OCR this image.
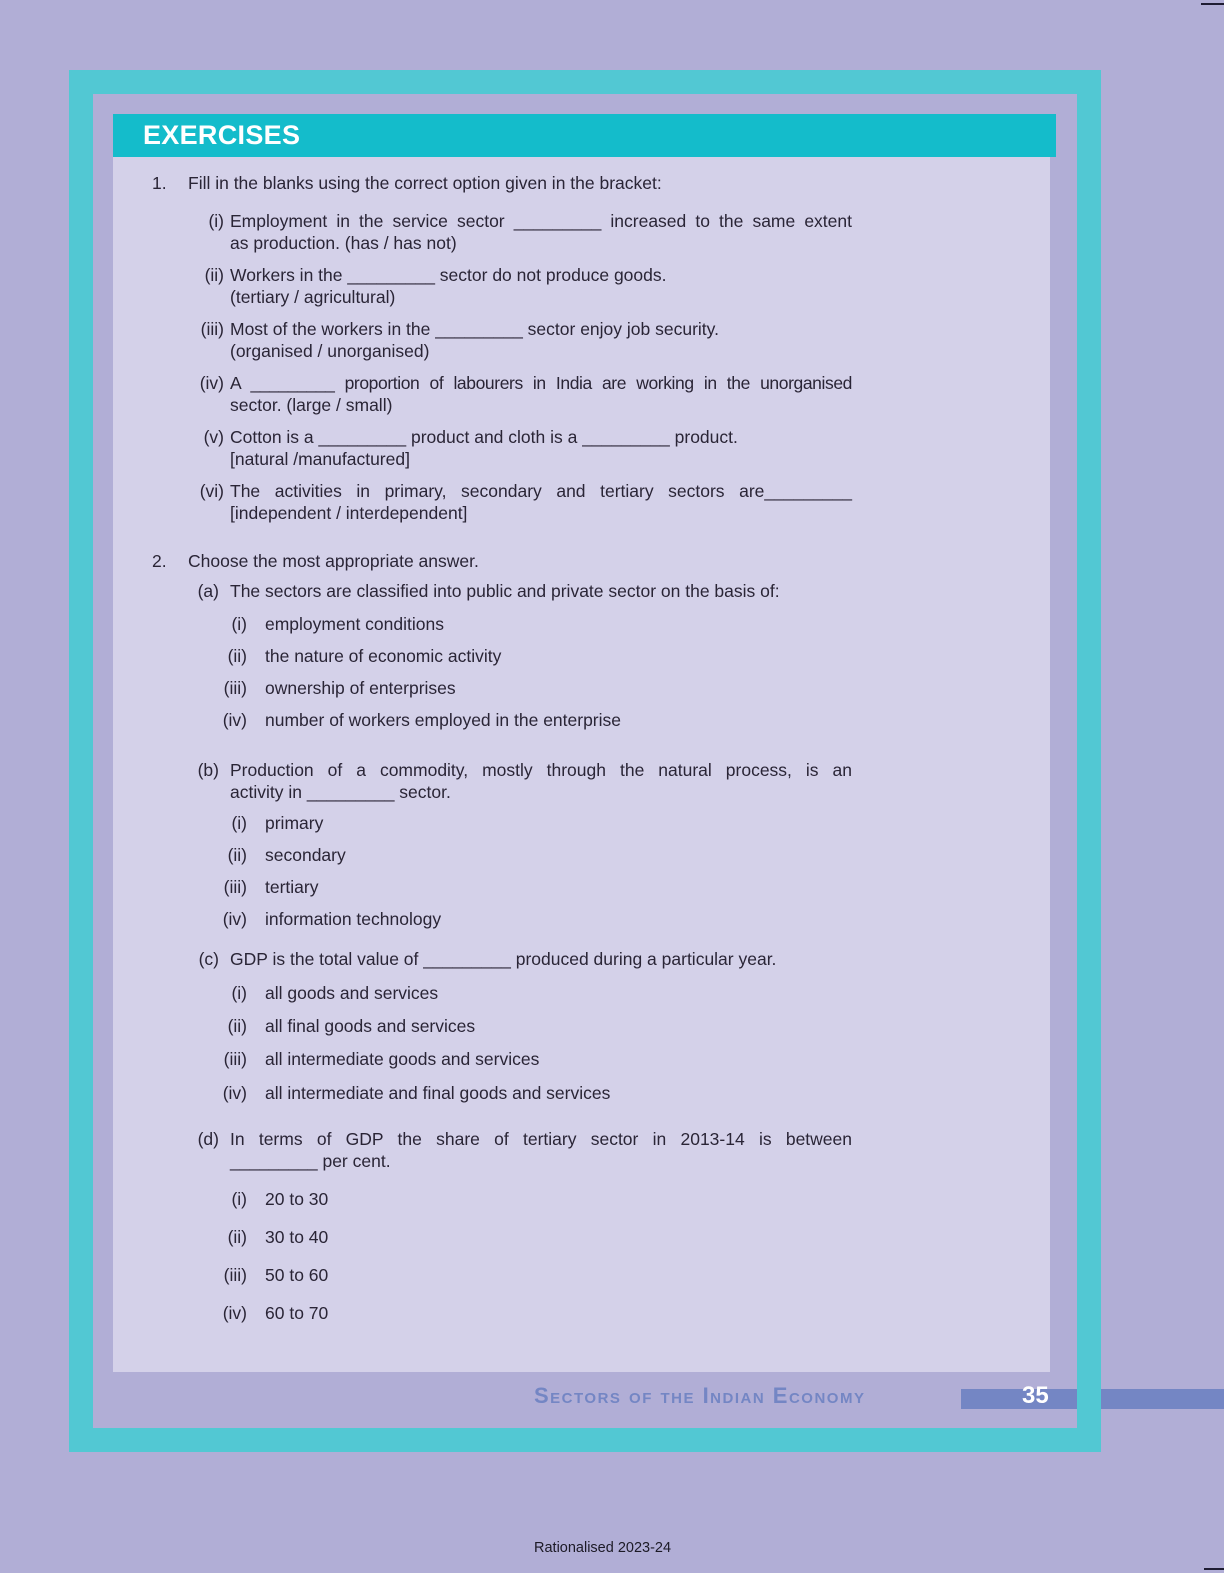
EXERCISES
1. Fill in the blanks using the correct option given in the bracket:
(i) Employment in the service sector _________ increased to the same extent
as production. (has / has not)
(ii) Workers in the _________ sector do not produce goods.
(tertiary / agricultural)
(iii) Most of the workers in the _________ sector enjoy job security.
(organised / unorganised)
(iv) A _________ proportion of labourers in India are working in the unorganised
sector. (large / small)
(v) Cotton is a _________ product and cloth is a _________ product.
[natural /manufactured]
(vi) The activities in primary, secondary and tertiary sectors are_________
[independent / interdependent]
2. Choose the most appropriate answer.
(a) The sectors are classified into public and private sector on the basis of:
(i) employment conditions
(ii) the nature of economic activity
(iii) ownership of enterprises
(iv) number of workers employed in the enterprise
(b) Production of a commodity, mostly through the natural process, is an
activity in _________ sector.
(i) primary
(ii) secondary
(iii) tertiary
(iv) information technology
(c) GDP is the total value of _________ produced during a particular year.
(i) all goods and services
(ii) all final goods and services
(iii) all intermediate goods and services
(iv) all intermediate and final goods and services
(d) In terms of GDP the share of tertiary sector in 2013-14 is between
_________ per cent.
(i) 20 to 30
(ii) 30 to 40
(iii) 50 to 60
(iv) 60 to 70
Sectors of the Indian Economy	35
Rationalised 2023-24
